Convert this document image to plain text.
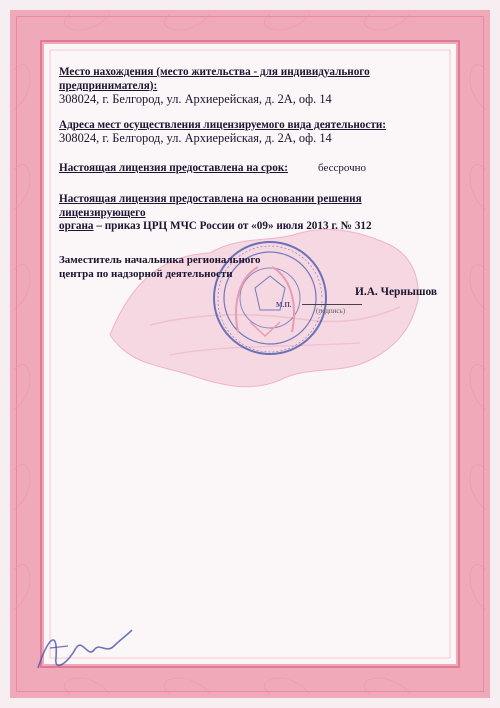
Место нахождения (место жительства - для индивидуального предпринимателя):
308024, г. Белгород, ул. Архиерейская, д. 2А, оф. 14
Адреса мест осуществления лицензируемого вида деятельности:
308024, г. Белгород, ул. Архиерейская, д. 2А, оф. 14
Настоящая лицензия предоставлена на срок:	бессрочно
Настоящая лицензия предоставлена на основании решения лицензирующего
органа – приказ ЦРЦ МЧС России от «09» июля 2013 г. № 312
Заместитель начальника регионального
центра по надзорной деятельности
И.А. Чернышов
(подпись)
М.П.
